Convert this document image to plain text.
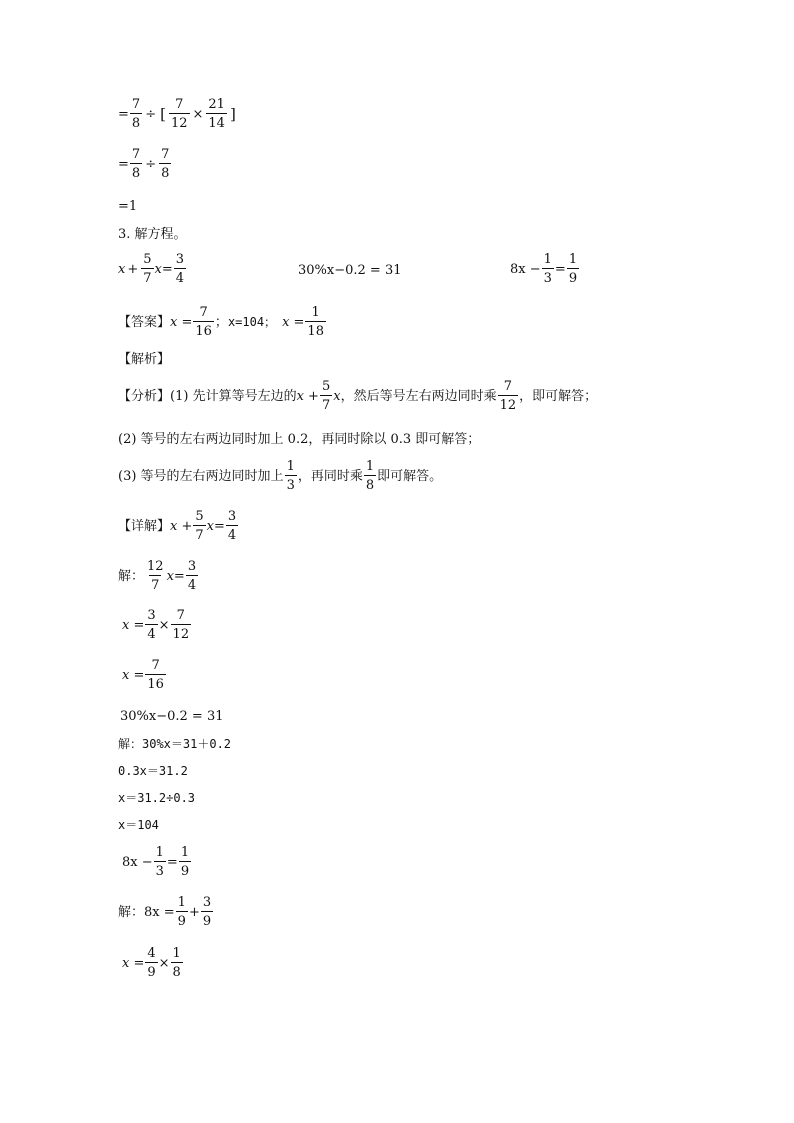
= $\frac{7}{8}$ ÷ [ $\frac{7}{12} \times \frac{21}{14}$ ]
= $\frac{7}{8} \div \frac{7}{8}$
=1
3. 解方程。
$x + \frac{5}{7}$ $x = \frac{3}{4}$	30%x−0.2 = 31	$8x - \frac{1}{3} = \frac{1}{9}$
【答案】 $x = \frac{7}{16}$ ； x=104； $x = \frac{1}{18}$
【解析】
【分析】 (1) 先计算等号左边的 $x + \frac{5}{7}$ x ，然后等号左右两边同时乘 $\frac{7}{12}$ ，即可解答；
(2) 等号的左右两边同时加上 0.2，再同时除以 0.3 即可解答；
(3) 等号的左右两边同时加上 $\frac{1}{3}$ ，再同时乘 $\frac{1}{8}$ 即可解答。
【详解】 $x + \frac{5}{7}$ $x = \frac{3}{4}$
解： $\frac{12}{7}$ $x = \frac{3}{4}$
$x = \frac{3}{4} \times \frac{7}{12}$
$x = \frac{7}{16}$
30%x−0.2 = 31
解：30%x＝31＋0.2
0.3x＝31.2
x＝31.2÷0.3
x＝104
$8x - \frac{1}{3} = \frac{1}{9}$
解： $8x = \frac{1}{9} + \frac{3}{9}$
$x = \frac{4}{9} \times \frac{1}{8}$
